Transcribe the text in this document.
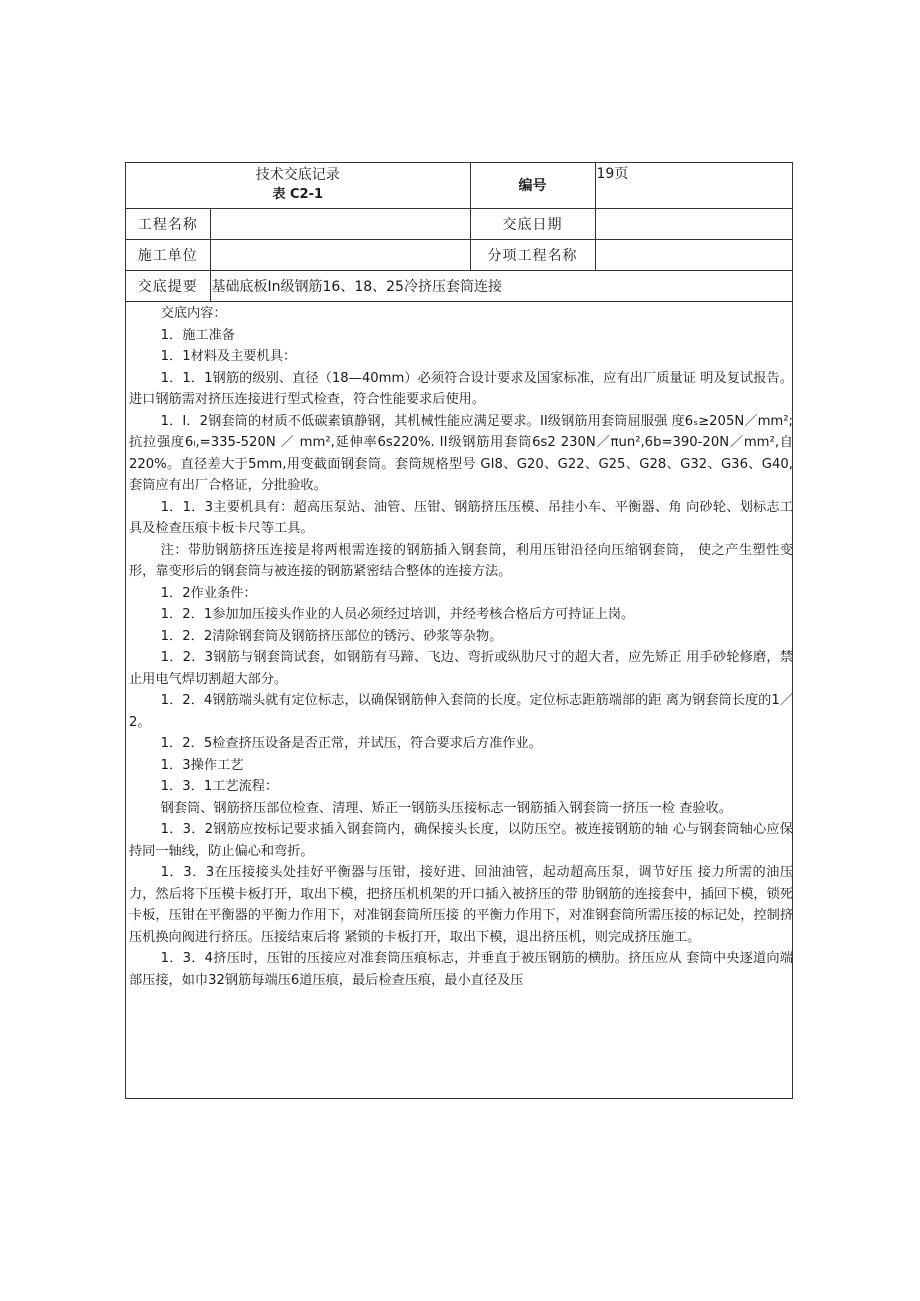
技术交底记录
表 C2-1		编号	19页
工程名称		交底日期	
施工单位		分项工程名称	
交底提要	基础底板In级钢筋16、18、25冷挤压套筒连接		

交底内容：

1．施工准备

1．1材料及主要机具：

1．1．1钢筋的级别、直径（18—40mm）必须符合设计要求及国家标准，应有出厂质量证 明及复试报告。进口钢筋需对挤压连接进行型式检查，符合性能要求后使用。

1．I．2钢套筒的材质不低碳素镇静钢，其机械性能应满足要求。II级钢筋用套筒屈服强 度6ₛ≥205N／mm²;抗拉强度6ₗ,=335-520N ／ mm²,延伸率6s220%. II级钢筋用套筒6s2 230N／πun²,6b=390-20N／mm²,自220%。直径差大于5mm,用变截面钢套筒。套筒规格型号 GI8、G20、G22、G25、G28、G32、G36、G40,套筒应有出厂合格证，分批验收。

1．1．3主要机具有：超高压泵站、油管、压钳、钢筋挤压压模、吊挂小车、平衡器、角 向砂轮、划标志工具及检查压痕卡板卡尺等工具。

注：带肋钢筋挤压连接是将两根需连接的钢筋插入钢套筒，利用压钳沿径向压缩钢套筒， 使之产生塑性变形，靠变形后的钢套筒与被连接的钢筋紧密结合整体的连接方法。

1．2作业条件：

1．2．1参加加压接头作业的人员必须经过培训，并经考核合格后方可持证上岗。

1．2．2清除钢套筒及钢筋挤压部位的锈污、砂浆等杂物。

1．2．3钢筋与钢套筒试套，如钢筋有马蹄、飞边、弯折或纵肋尺寸的超大者，应先矫正 用手砂轮修磨，禁止用电气焊切割超大部分。

1．2．4钢筋端头就有定位标志，以确保钢筋伸入套筒的长度。定位标志距筋端部的距 离为钢套筒长度的1／2。

1．2．5检查挤压设备是否正常，并试压，符合要求后方准作业。

1．3操作工艺

1．3．1工艺流程：

钢套筒、钢筋挤压部位检查、清理、矫正一钢筋头压接标志一钢筋插入钢套筒一挤压一检 查验收。

1．3．2钢筋应按标记要求插入钢套筒内，确保接头长度，以防压空。被连接钢筋的轴 心与钢套筒轴心应保持同一轴线，防止偏心和弯折。

1．3．3在压接接头处挂好平衡器与压钳，接好进、回油油管，起动超高压泵，调节好压 接力所需的油压力，然后将下压模卡板打开，取出下模，把挤压机机架的开口插入被挤压的带 肋钢筋的连接套中，插回下模，锁死卡板，压钳在平衡器的平衡力作用下，对准钢套筒所压接 的平衡力作用下，对准钢套筒所需压接的标记处，控制挤压机换向阀进行挤压。压接结束后将 紧锁的卡板打开，取出下模，退出挤压机，则完成挤压施工。

1．3．4挤压时，压钳的压接应对准套筒压痕标志，并垂直于被压钢筋的横肋。挤压应从 套筒中央逐道向端部压接，如巾32钢筋每端压6道压痕，最后检查压痕，最小直径及压
